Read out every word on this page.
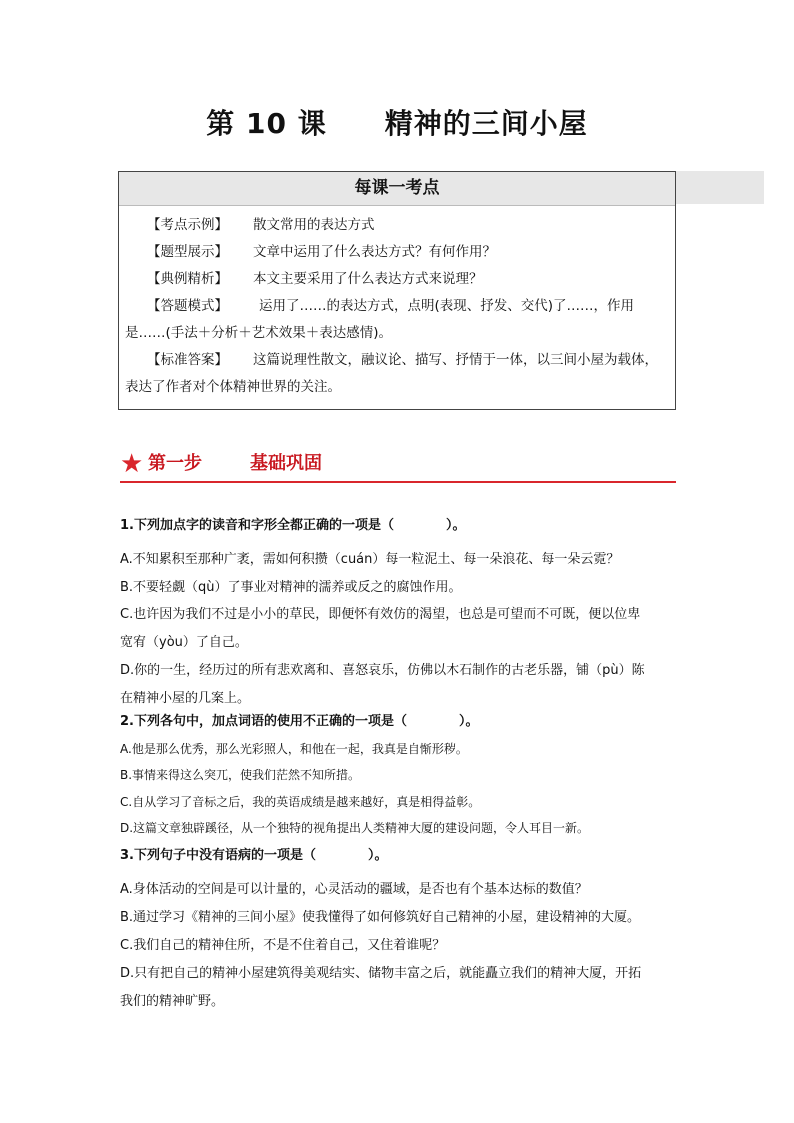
第 10 课 精神的三间小屋
每课一考点
【考点示例】 散文常用的表达方式
【题型展示】 文章中运用了什么表达方式？有何作用？
【典例精析】 本文主要采用了什么表达方式来说理？
【答题模式】 运用了……的表达方式，点明(表现、抒发、交代)了……，作用
是……(手法＋分析＋艺术效果＋表达感情)。
【标准答案】 这篇说理性散文，融议论、描写、抒情于一体，以三间小屋为载体，
表达了作者对个体精神世界的关注。
★ 第一步	基础巩固
1.下列加点字的读音和字形全都正确的一项是（　　　　）。
A.不知累积至那种广袤，需如何积攒（cuán）每一粒泥土、每一朵浪花、每一朵云霓？
B.不要轻觑（qù）了事业对精神的濡养或反之的腐蚀作用。
C.也许因为我们不过是小小的草民，即便怀有效仿的渴望，也总是可望而不可既，便以位卑
宽宥（yòu）了自己。
D.你的一生，经历过的所有悲欢离和、喜怒哀乐，仿佛以木石制作的古老乐器，铺（pù）陈
在精神小屋的几案上。
2.下列各句中，加点词语的使用不正确的一项是（　　　　）。
A.他是那么优秀，那么光彩照人，和他在一起，我真是自惭形秽。
B.事情来得这么突兀，使我们茫然不知所措。
C.自从学习了音标之后，我的英语成绩是越来越好，真是相得益彰。
D.这篇文章独辟蹊径，从一个独特的视角提出人类精神大厦的建设问题，令人耳目一新。
3.下列句子中没有语病的一项是（　　　　）。
A.身体活动的空间是可以计量的，心灵活动的疆域，是否也有个基本达标的数值？
B.通过学习《精神的三间小屋》使我懂得了如何修筑好自己精神的小屋，建设精神的大厦。
C.我们自己的精神住所，不是不住着自己，又住着谁呢？
D.只有把自己的精神小屋建筑得美观结实、储物丰富之后，就能矗立我们的精神大厦，开拓
我们的精神旷野。
